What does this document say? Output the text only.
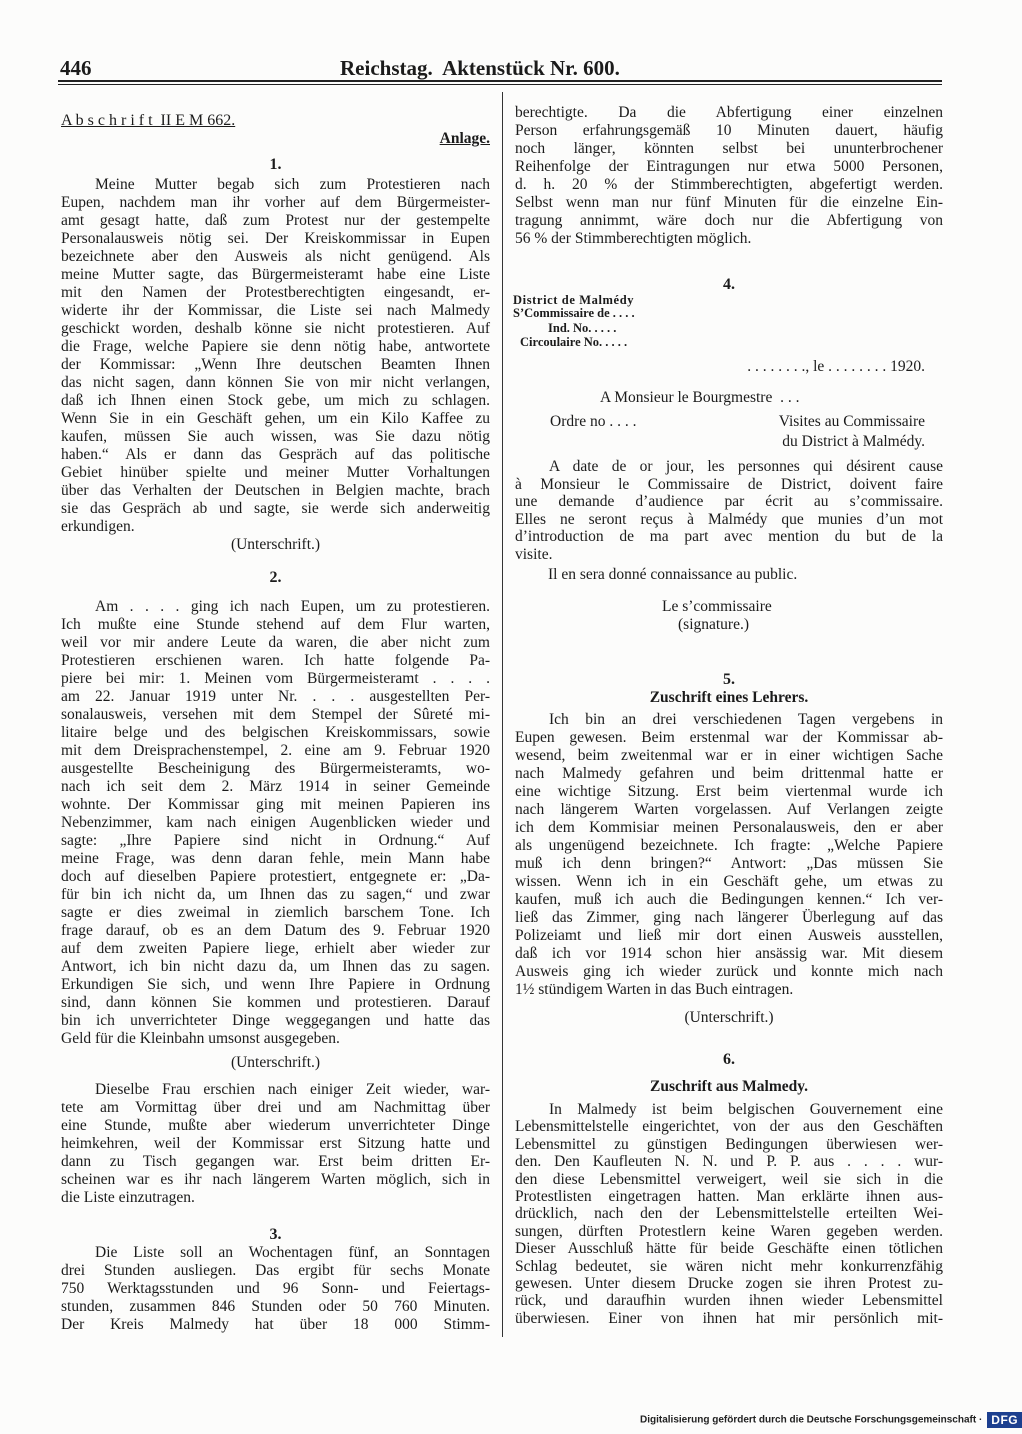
446	Reichstag.  Aktenstück Nr. 600.
A b s c h r i f t  II E M 662.
Anlage.
1.
Meine Mutter begab sich zum Protestieren nach
Eupen, nachdem man ihr vorher auf dem Bürgermeister-
amt gesagt hatte, daß zum Protest nur der gestempelte
Personalausweis nötig sei. Der Kreiskommissar in Eupen
bezeichnete aber den Ausweis als nicht genügend. Als
meine Mutter sagte, das Bürgermeisteramt habe eine Liste
mit den Namen der Protestberechtigten eingesandt, er-
widerte ihr der Kommissar, die Liste sei nach Malmedy
geschickt worden, deshalb könne sie nicht protestieren. Auf
die Frage, welche Papiere sie denn nötig habe, antwortete
der Kommissar: „Wenn Ihre deutschen Beamten Ihnen
das nicht sagen, dann können Sie von mir nicht verlangen,
daß ich Ihnen einen Stock gebe, um mich zu schlagen.
Wenn Sie in ein Geschäft gehen, um ein Kilo Kaffee zu
kaufen, müssen Sie auch wissen, was Sie dazu nötig
haben.“ Als er dann das Gespräch auf das politische
Gebiet hinüber spielte und meiner Mutter Vorhaltungen
über das Verhalten der Deutschen in Belgien machte, brach
sie das Gespräch ab und sagte, sie werde sich anderweitig
erkundigen.
(Unterschrift.)
2.
Am . . . . ging ich nach Eupen, um zu protestieren.
Ich mußte eine Stunde stehend auf dem Flur warten,
weil vor mir andere Leute da waren, die aber nicht zum
Protestieren erschienen waren. Ich hatte folgende Pa-
piere bei mir: 1. Meinen vom Bürgermeisteramt . . . .
am 22. Januar 1919 unter Nr. . . . ausgestellten Per-
sonalausweis, versehen mit dem Stempel der Sûreté mi-
litaire belge und des belgischen Kreiskommissars, sowie
mit dem Dreisprachenstempel, 2. eine am 9. Februar 1920
ausgestellte Bescheinigung des Bürgermeisteramts, wo-
nach ich seit dem 2. März 1914 in seiner Gemeinde
wohnte. Der Kommissar ging mit meinen Papieren ins
Nebenzimmer, kam nach einigen Augenblicken wieder und
sagte: „Ihre Papiere sind nicht in Ordnung.“ Auf
meine Frage, was denn daran fehle, mein Mann habe
doch auf dieselben Papiere protestiert, entgegnete er: „Da-
für bin ich nicht da, um Ihnen das zu sagen,“ und zwar
sagte er dies zweimal in ziemlich barschem Tone. Ich
frage darauf, ob es an dem Datum des 9. Februar 1920
auf dem zweiten Papiere liege, erhielt aber wieder zur
Antwort, ich bin nicht dazu da, um Ihnen das zu sagen.
Erkundigen Sie sich, und wenn Ihre Papiere in Ordnung
sind, dann können Sie kommen und protestieren. Darauf
bin ich unverrichteter Dinge weggegangen und hatte das
Geld für die Kleinbahn umsonst ausgegeben.
(Unterschrift.)
Dieselbe Frau erschien nach einiger Zeit wieder, war-
tete am Vormittag über drei und am Nachmittag über
eine Stunde, mußte aber wiederum unverrichteter Dinge
heimkehren, weil der Kommissar erst Sitzung hatte und
dann zu Tisch gegangen war. Erst beim dritten Er-
scheinen war es ihr nach längerem Warten möglich, sich in
die Liste einzutragen.
3.
Die Liste soll an Wochentagen fünf, an Sonntagen
drei Stunden ausliegen. Das ergibt für sechs Monate
750 Werktagsstunden und 96 Sonn- und Feiertags-
stunden, zusammen 846 Stunden oder 50 760 Minuten.
Der Kreis Malmedy hat über 18 000 Stimm-
berechtigte. Da die Abfertigung einer einzelnen
Person erfahrungsgemäß 10 Minuten dauert, häufig
noch länger, könnten selbst bei ununterbrochener
Reihenfolge der Eintragungen nur etwa 5000 Personen,
d. h. 20 % der Stimmberechtigten, abgefertigt werden.
Selbst wenn man nur fünf Minuten für die einzelne Ein-
tragung annimmt, wäre doch nur die Abfertigung von
56 % der Stimmberechtigten möglich.
4.
District de Malmédy
S’Commissaire de . . . .
Ind. No. . . . .
Circoulaire No. . . . .
. . . . . . . ., le . . . . . . . . 1920.
A Monsieur le Bourgmestre  . . .
Ordre no . . . .	Visites au Commissaire
du District à Malmédy.
A date de or jour, les personnes qui désirent cause
à Monsieur le Commissaire de District, doivent faire
une demande d’audience par écrit au s’commissaire.
Elles ne seront reçus à Malmédy que munies d’un mot
d’introduction de ma part avec mention du but de la
visite.
Il en sera donné connaissance au public.
Le s’commissaire
(signature.)
5.
Zuschrift eines Lehrers.
Ich bin an drei verschiedenen Tagen vergebens in
Eupen gewesen. Beim erstenmal war der Kommissar ab-
wesend, beim zweitenmal war er in einer wichtigen Sache
nach Malmedy gefahren und beim drittenmal hatte er
eine wichtige Sitzung. Erst beim viertenmal wurde ich
nach längerem Warten vorgelassen. Auf Verlangen zeigte
ich dem Kommisiar meinen Personalausweis, den er aber
als ungenügend bezeichnete. Ich fragte: „Welche Papiere
muß ich denn bringen?“ Antwort: „Das müssen Sie
wissen. Wenn ich in ein Geschäft gehe, um etwas zu
kaufen, muß ich auch die Bedingungen kennen.“ Ich ver-
ließ das Zimmer, ging nach längerer Überlegung auf das
Polizeiamt und ließ mir dort einen Ausweis ausstellen,
daß ich vor 1914 schon hier ansässig war. Mit diesem
Ausweis ging ich wieder zurück und konnte mich nach
1½ stündigem Warten in das Buch eintragen.
(Unterschrift.)
6.
Zuschrift aus Malmedy.
In Malmedy ist beim belgischen Gouvernement eine
Lebensmittelstelle eingerichtet, von der aus den Geschäften
Lebensmittel zu günstigen Bedingungen überwiesen wer-
den. Den Kaufleuten N. N. und P. P. aus . . . . wur-
den diese Lebensmittel verweigert, weil sie sich in die
Protestlisten eingetragen hatten. Man erklärte ihnen aus-
drücklich, nach den der Lebensmittelstelle erteilten Wei-
sungen, dürften Protestlern keine Waren gegeben werden.
Dieser Ausschluß hätte für beide Geschäfte einen tötlichen
Schlag bedeutet, sie wären nicht mehr konkurrenzfähig
gewesen. Unter diesem Drucke zogen sie ihren Protest zu-
rück, und daraufhin wurden ihnen wieder Lebensmittel
überwiesen. Einer von ihnen hat mir persönlich mit-
Digitalisierung gefördert durch die Deutsche Forschungsgemeinschaft · DFG
